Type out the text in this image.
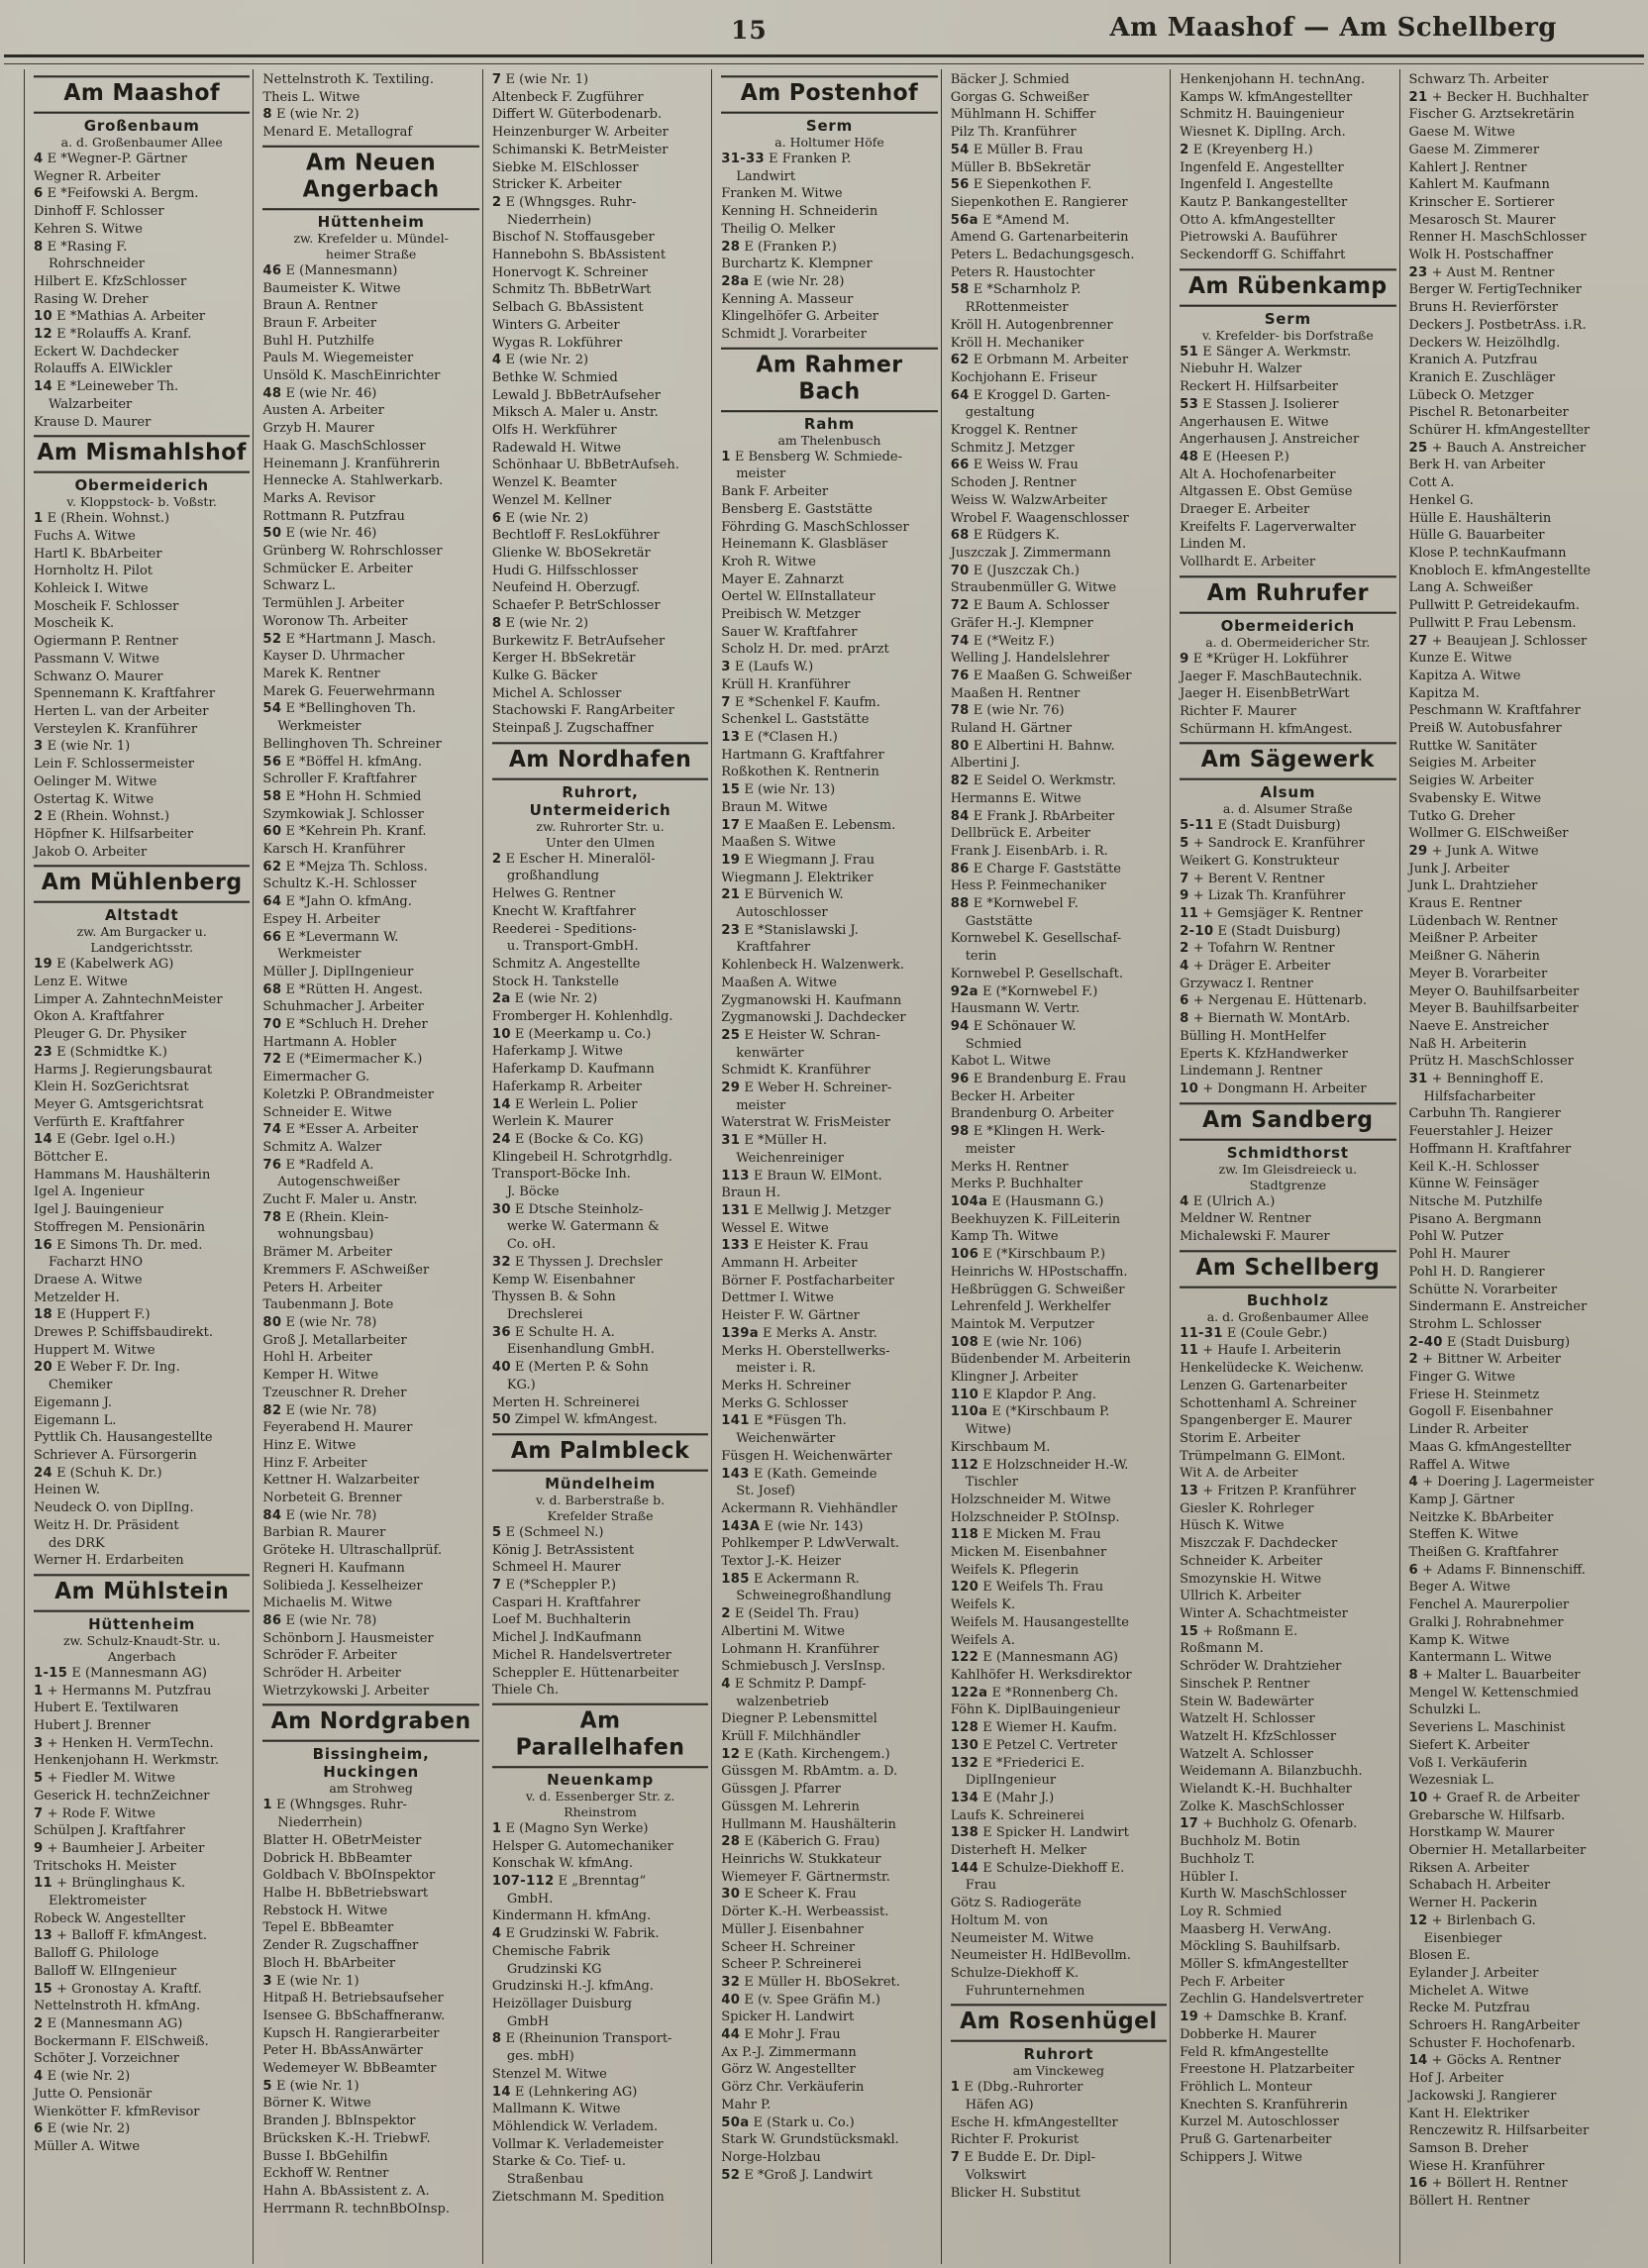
15	Am Maashof — Am Schellberg
Am Maashof
Großenbaum
a. d. Großenbaumer Allee
4 E *Wegner-P. Gärtner
Wegner R. Arbeiter
6 E *Feifowski A. Bergm.
Dinhoff F. Schlosser
Kehren S. Witwe
8 E *Rasing F.
Rohrschneider
Hilbert E. KfzSchlosser
Rasing W. Dreher
10 E *Mathias A. Arbeiter
12 E *Rolauffs A. Kranf.
Eckert W. Dachdecker
Rolauffs A. ElWickler
14 E *Leineweber Th.
Walzarbeiter
Krause D. Maurer
Am Mismahlshof
Obermeiderich
v. Kloppstock- b. Voßstr.
1 E (Rhein. Wohnst.)
Fuchs A. Witwe
Hartl K. BbArbeiter
Hornholtz H. Pilot
Kohleick I. Witwe
Moscheik F. Schlosser
Moscheik K.
Ogiermann P. Rentner
Passmann V. Witwe
Schwanz O. Maurer
Spennemann K. Kraftfahrer
Herten L. van der Arbeiter
Versteylen K. Kranführer
3 E (wie Nr. 1)
Lein F. Schlossermeister
Oelinger M. Witwe
Ostertag K. Witwe
2 E (Rhein. Wohnst.)
Höpfner K. Hilfsarbeiter
Jakob O. Arbeiter
Am Mühlenberg
Altstadt
zw. Am Burgacker u.
Landgerichtsstr.
19 E (Kabelwerk AG)
Lenz E. Witwe
Limper A. ZahntechnMeister
Okon A. Kraftfahrer
Pleuger G. Dr. Physiker
23 E (Schmidtke K.)
Harms J. Regierungsbaurat
Klein H. SozGerichtsrat
Meyer G. Amtsgerichtsrat
Verfürth E. Kraftfahrer
14 E (Gebr. Igel o.H.)
Böttcher E.
Hammans M. Haushälterin
Igel A. Ingenieur
Igel J. Bauingenieur
Stoffregen M. Pensionärin
16 E Simons Th. Dr. med.
Facharzt HNO
Draese A. Witwe
Metzelder H.
18 E (Huppert F.)
Drewes P. Schiffsbaudirekt.
Huppert M. Witwe
20 E Weber F. Dr. Ing.
Chemiker
Eigemann J.
Eigemann L.
Pyttlik Ch. Hausangestellte
Schriever A. Fürsorgerin
24 E (Schuh K. Dr.)
Heinen W.
Neudeck O. von DiplIng.
Weitz H. Dr. Präsident
des DRK
Werner H. Erdarbeiten
Am Mühlstein
Hüttenheim
zw. Schulz-Knaudt-Str. u.
Angerbach
1-15 E (Mannesmann AG)
1 + Hermanns M. Putzfrau
Hubert E. Textilwaren
Hubert J. Brenner
3 + Henken H. VermTechn.
Henkenjohann H. Werkmstr.
5 + Fiedler M. Witwe
Geserick H. technZeichner
7 + Rode F. Witwe
Schülpen J. Kraftfahrer
9 + Baumheier J. Arbeiter
Tritschoks H. Meister
11 + Brünglinghaus K.
Elektromeister
Robeck W. Angestellter
13 + Balloff F. kfmAngest.
Balloff G. Philologe
Balloff W. ElIngenieur
15 + Gronostay A. Kraftf.
Nettelnstroth H. kfmAng.
2 E (Mannesmann AG)
Bockermann F. ElSchweiß.
Schöter J. Vorzeichner
4 E (wie Nr. 2)
Jutte O. Pensionär
Wienkötter F. kfmRevisor
6 E (wie Nr. 2)
Müller A. Witwe
Nettelnstroth K. Textiling.
Theis L. Witwe
8 E (wie Nr. 2)
Menard E. Metallograf
Am Neuen Angerbach
Hüttenheim
zw. Krefelder u. Mündel-
heimer Straße
46 E (Mannesmann)
Baumeister K. Witwe
Braun A. Rentner
Braun F. Arbeiter
Buhl H. Putzhilfe
Pauls M. Wiegemeister
Unsöld K. MaschEinrichter
48 E (wie Nr. 46)
Austen A. Arbeiter
Grzyb H. Maurer
Haak G. MaschSchlosser
Heinemann J. Kranführerin
Hennecke A. Stahlwerkarb.
Marks A. Revisor
Rottmann R. Putzfrau
50 E (wie Nr. 46)
Grünberg W. Rohrschlosser
Schmücker E. Arbeiter
Schwarz L.
Termühlen J. Arbeiter
Woronow Th. Arbeiter
52 E *Hartmann J. Masch.
Kayser D. Uhrmacher
Marek K. Rentner
Marek G. Feuerwehrmann
54 E *Bellinghoven Th.
Werkmeister
Bellinghoven Th. Schreiner
56 E *Böffel H. kfmAng.
Schroller F. Kraftfahrer
58 E *Hohn H. Schmied
Szymkowiak J. Schlosser
60 E *Kehrein Ph. Kranf.
Karsch H. Kranführer
62 E *Mejza Th. Schloss.
Schultz K.-H. Schlosser
64 E *Jahn O. kfmAng.
Espey H. Arbeiter
66 E *Levermann W.
Werkmeister
Müller J. DiplIngenieur
68 E *Rütten H. Angest.
Schuhmacher J. Arbeiter
70 E *Schluch H. Dreher
Hartmann A. Hobler
72 E (*Eimermacher K.)
Eimermacher G.
Koletzki P. OBrandmeister
Schneider E. Witwe
74 E *Esser A. Arbeiter
Schmitz A. Walzer
76 E *Radfeld A.
Autogenschweißer
Zucht F. Maler u. Anstr.
78 E (Rhein. Klein-
wohnungsbau)
Brämer M. Arbeiter
Kremmers F. ASchweißer
Peters H. Arbeiter
Taubenmann J. Bote
80 E (wie Nr. 78)
Groß J. Metallarbeiter
Hohl H. Arbeiter
Kemper H. Witwe
Tzeuschner R. Dreher
82 E (wie Nr. 78)
Feyerabend H. Maurer
Hinz E. Witwe
Hinz F. Arbeiter
Kettner H. Walzarbeiter
Norbeteit G. Brenner
84 E (wie Nr. 78)
Barbian R. Maurer
Gröteke H. Ultraschallprüf.
Regneri H. Kaufmann
Solibieda J. Kesselheizer
Michaelis M. Witwe
86 E (wie Nr. 78)
Schönborn J. Hausmeister
Schröder F. Arbeiter
Schröder H. Arbeiter
Wietrzykowski J. Arbeiter
Am Nordgraben
Bissingheim, Huckingen
am Strohweg
1 E (Whngsges. Ruhr-
Niederrhein)
Blatter H. OBetrMeister
Dobrick H. BbBeamter
Goldbach V. BbOInspektor
Halbe H. BbBetriebswart
Rebstock H. Witwe
Tepel E. BbBeamter
Zender R. Zugschaffner
Bloch H. BbArbeiter
3 E (wie Nr. 1)
Hitpaß H. Betriebsaufseher
Isensee G. BbSchaffneranw.
Kupsch H. Rangierarbeiter
Peter H. BbAssAnwärter
Wedemeyer W. BbBeamter
5 E (wie Nr. 1)
Börner K. Witwe
Branden J. BbInspektor
Brücksken K.-H. TriebwF.
Busse I. BbGehilfin
Eckhoff W. Rentner
Hahn A. BbAssistent z. A.
Herrmann R. technBbOInsp.
7 E (wie Nr. 1)
Altenbeck F. Zugführer
Differt W. Güterbodenarb.
Heinzenburger W. Arbeiter
Schimanski K. BetrMeister
Siebke M. ElSchlosser
Stricker K. Arbeiter
2 E (Whngsges. Ruhr-
Niederrhein)
Bischof N. Stoffausgeber
Hannebohn S. BbAssistent
Honervogt K. Schreiner
Schmitz Th. BbBetrWart
Selbach G. BbAssistent
Winters G. Arbeiter
Wygas R. Lokführer
4 E (wie Nr. 2)
Bethke W. Schmied
Lewald J. BbBetrAufseher
Miksch A. Maler u. Anstr.
Olfs H. Werkführer
Radewald H. Witwe
Schönhaar U. BbBetrAufseh.
Wenzel K. Beamter
Wenzel M. Kellner
6 E (wie Nr. 2)
Bechtloff F. ResLokführer
Glienke W. BbOSekretär
Hudi G. Hilfsschlosser
Neufeind H. Oberzugf.
Schaefer P. BetrSchlosser
8 E (wie Nr. 2)
Burkewitz F. BetrAufseher
Kerger H. BbSekretär
Kulke G. Bäcker
Michel A. Schlosser
Stachowski F. RangArbeiter
Steinpaß J. Zugschaffner
Am Nordhafen
Ruhrort, Untermeiderich
zw. Ruhrorter Str. u.
Unter den Ulmen
2 E Escher H. Mineralöl-
großhandlung
Helwes G. Rentner
Knecht W. Kraftfahrer
Reederei - Speditions-
u. Transport-GmbH.
Schmitz A. Angestellte
Stock H. Tankstelle
2a E (wie Nr. 2)
Fromberger H. Kohlenhdlg.
10 E (Meerkamp u. Co.)
Haferkamp J. Witwe
Haferkamp D. Kaufmann
Haferkamp R. Arbeiter
14 E Werlein L. Polier
Werlein K. Maurer
24 E (Bocke & Co. KG)
Klingebeil H. Schrotgrhdlg.
Transport-Böcke Inh.
J. Böcke
30 E Dtsche Steinholz-
werke W. Gatermann &
Co. oH.
32 E Thyssen J. Drechsler
Kemp W. Eisenbahner
Thyssen B. & Sohn
Drechslerei
36 E Schulte H. A.
Eisenhandlung GmbH.
40 E (Merten P. & Sohn
KG.)
Merten H. Schreinerei
50 Zimpel W. kfmAngest.
Am Palmbleck
Mündelheim
v. d. Barberstraße b.
Krefelder Straße
5 E (Schmeel N.)
König J. BetrAssistent
Schmeel H. Maurer
7 E (*Scheppler P.)
Caspari H. Kraftfahrer
Loef M. Buchhalterin
Michel J. IndKaufmann
Michel R. Handelsvertreter
Scheppler E. Hüttenarbeiter
Thiele Ch.
Am Parallelhafen
Neuenkamp
v. d. Essenberger Str. z.
Rheinstrom
1 E (Magno Syn Werke)
Helsper G. Automechaniker
Konschak W. kfmAng.
107-112 E „Brenntag“
GmbH.
Kindermann H. kfmAng.
4 E Grudzinski W. Fabrik.
Chemische Fabrik
Grudzinski KG
Grudzinski H.-J. kfmAng.
Heizöllager Duisburg
GmbH
8 E (Rheinunion Transport-
ges. mbH)
Stenzel M. Witwe
14 E (Lehnkering AG)
Mallmann K. Witwe
Möhlendick W. Verladem.
Vollmar K. Verlademeister
Starke & Co. Tief- u.
Straßenbau
Zietschmann M. Spedition
Am Postenhof
Serm
a. Holtumer Höfe
31-33 E Franken P.
Landwirt
Franken M. Witwe
Kenning H. Schneiderin
Theilig O. Melker
28 E (Franken P.)
Burchartz K. Klempner
28a E (wie Nr. 28)
Kenning A. Masseur
Klingelhöfer G. Arbeiter
Schmidt J. Vorarbeiter
Am Rahmer Bach
Rahm
am Thelenbusch
1 E Bensberg W. Schmiede-
meister
Bank F. Arbeiter
Bensberg E. Gaststätte
Föhrding G. MaschSchlosser
Heinemann K. Glasbläser
Kroh R. Witwe
Mayer E. Zahnarzt
Oertel W. ElInstallateur
Preibisch W. Metzger
Sauer W. Kraftfahrer
Scholz H. Dr. med. prArzt
3 E (Laufs W.)
Krüll H. Kranführer
7 E *Schenkel F. Kaufm.
Schenkel L. Gaststätte
13 E (*Clasen H.)
Hartmann G. Kraftfahrer
Roßkothen K. Rentnerin
15 E (wie Nr. 13)
Braun M. Witwe
17 E Maaßen E. Lebensm.
Maaßen S. Witwe
19 E Wiegmann J. Frau
Wiegmann J. Elektriker
21 E Bürvenich W.
Autoschlosser
23 E *Stanislawski J.
Kraftfahrer
Kohlenbeck H. Walzenwerk.
Maaßen A. Witwe
Zygmanowski H. Kaufmann
Zygmanowski J. Dachdecker
25 E Heister W. Schran-
kenwärter
Schmidt K. Kranführer
29 E Weber H. Schreiner-
meister
Waterstrat W. FrisMeister
31 E *Müller H.
Weichenreiniger
113 E Braun W. ElMont.
Braun H.
131 E Mellwig J. Metzger
Wessel E. Witwe
133 E Heister K. Frau
Ammann H. Arbeiter
Börner F. Postfacharbeiter
Dettmer I. Witwe
Heister F. W. Gärtner
139a E Merks A. Anstr.
Merks H. Oberstellwerks-
meister i. R.
Merks H. Schreiner
Merks G. Schlosser
141 E *Füsgen Th.
Weichenwärter
Füsgen H. Weichenwärter
143 E (Kath. Gemeinde
St. Josef)
Ackermann R. Viehhändler
143A E (wie Nr. 143)
Pohlkemper P. LdwVerwalt.
Textor J.-K. Heizer
185 E Ackermann R.
Schweinegroßhandlung
2 E (Seidel Th. Frau)
Albertini M. Witwe
Lohmann H. Kranführer
Schmiebusch J. VersInsp.
4 E Schmitz P. Dampf-
walzenbetrieb
Diegner P. Lebensmittel
Krüll F. Milchhändler
12 E (Kath. Kirchengem.)
Güssgen M. RbAmtm. a. D.
Güssgen J. Pfarrer
Güssgen M. Lehrerin
Hullmann M. Haushälterin
28 E (Käberich G. Frau)
Heinrichs W. Stukkateur
Wiemeyer F. Gärtnermstr.
30 E Scheer K. Frau
Dörter K.-H. Werbeassist.
Müller J. Eisenbahner
Scheer H. Schreiner
Scheer P. Schreinerei
32 E Müller H. BbOSekret.
40 E (v. Spee Gräfin M.)
Spicker H. Landwirt
44 E Mohr J. Frau
Ax P.-J. Zimmermann
Görz W. Angestellter
Görz Chr. Verkäuferin
Mahr P.
50a E (Stark u. Co.)
Stark W. Grundstücksmakl.
Norge-Holzbau
52 E *Groß J. Landwirt
Bäcker J. Schmied
Gorgas G. Schweißer
Mühlmann H. Schiffer
Pilz Th. Kranführer
54 E Müller B. Frau
Müller B. BbSekretär
56 E Siepenkothen F.
Siepenkothen E. Rangierer
56a E *Amend M.
Amend G. Gartenarbeiterin
Peters L. Bedachungsgesch.
Peters R. Haustochter
58 E *Scharnholz P.
RRottenmeister
Kröll H. Autogenbrenner
Kröll H. Mechaniker
62 E Orbmann M. Arbeiter
Kochjohann E. Friseur
64 E Kroggel D. Garten-
gestaltung
Kroggel K. Rentner
Schmitz J. Metzger
66 E Weiss W. Frau
Schoden J. Rentner
Weiss W. WalzwArbeiter
Wrobel F. Waagenschlosser
68 E Rüdgers K.
Juszczak J. Zimmermann
70 E (Juszczak Ch.)
Straubenmüller G. Witwe
72 E Baum A. Schlosser
Gräfer H.-J. Klempner
74 E (*Weitz F.)
Welling J. Handelslehrer
76 E Maaßen G. Schweißer
Maaßen H. Rentner
78 E (wie Nr. 76)
Ruland H. Gärtner
80 E Albertini H. Bahnw.
Albertini J.
82 E Seidel O. Werkmstr.
Hermanns E. Witwe
84 E Frank J. RbArbeiter
Dellbrück E. Arbeiter
Frank J. EisenbArb. i. R.
86 E Charge F. Gaststätte
Hess P. Feinmechaniker
88 E *Kornwebel F.
Gaststätte
Kornwebel K. Gesellschaf-
terin
Kornwebel P. Gesellschaft.
92a E (*Kornwebel F.)
Hausmann W. Vertr.
94 E Schönauer W.
Schmied
Kabot L. Witwe
96 E Brandenburg E. Frau
Becker H. Arbeiter
Brandenburg O. Arbeiter
98 E *Klingen H. Werk-
meister
Merks H. Rentner
Merks P. Buchhalter
104a E (Hausmann G.)
Beekhuyzen K. FilLeiterin
Kamp Th. Witwe
106 E (*Kirschbaum P.)
Heinrichs W. HPostschaffn.
Heßbrüggen G. Schweißer
Lehrenfeld J. Werkhelfer
Maintok M. Verputzer
108 E (wie Nr. 106)
Büdenbender M. Arbeiterin
Klingner J. Arbeiter
110 E Klapdor P. Ang.
110a E (*Kirschbaum P.
Witwe)
Kirschbaum M.
112 E Holzschneider H.-W.
Tischler
Holzschneider M. Witwe
Holzschneider P. StOInsp.
118 E Micken M. Frau
Micken M. Eisenbahner
Weifels K. Pflegerin
120 E Weifels Th. Frau
Weifels K.
Weifels M. Hausangestellte
Weifels A.
122 E (Mannesmann AG)
Kahlhöfer H. Werksdirektor
122a E *Ronnenberg Ch.
Föhn K. DiplBauingenieur
128 E Wiemer H. Kaufm.
130 E Petzel C. Vertreter
132 E *Friederici E.
DiplIngenieur
134 E (Mahr J.)
Laufs K. Schreinerei
138 E Spicker H. Landwirt
Disterheft H. Melker
144 E Schulze-Diekhoff E.
Frau
Götz S. Radiogeräte
Holtum M. von
Neumeister M. Witwe
Neumeister H. HdlBevollm.
Schulze-Diekhoff K.
Fuhrunternehmen
Am Rosenhügel
Ruhrort
am Vinckeweg
1 E (Dbg.-Ruhrorter
Häfen AG)
Esche H. kfmAngestellter
Richter F. Prokurist
7 E Budde E. Dr. Dipl-
Volkswirt
Blicker H. Substitut
Henkenjohann H. technAng.
Kamps W. kfmAngestellter
Schmitz H. Bauingenieur
Wiesnet K. DiplIng. Arch.
2 E (Kreyenberg H.)
Ingenfeld E. Angestellter
Ingenfeld I. Angestellte
Kautz P. Bankangestellter
Otto A. kfmAngestellter
Pietrowski A. Bauführer
Seckendorff G. Schiffahrt
Am Rübenkamp
Serm
v. Krefelder- bis Dorfstraße
51 E Sänger A. Werkmstr.
Niebuhr H. Walzer
Reckert H. Hilfsarbeiter
53 E Stassen J. Isolierer
Angerhausen E. Witwe
Angerhausen J. Anstreicher
48 E (Heesen P.)
Alt A. Hochofenarbeiter
Altgassen E. Obst Gemüse
Draeger E. Arbeiter
Kreifelts F. Lagerverwalter
Linden M.
Vollhardt E. Arbeiter
Am Ruhrufer
Obermeiderich
a. d. Obermeidericher Str.
9 E *Krüger H. Lokführer
Jaeger F. MaschBautechnik.
Jaeger H. EisenbBetrWart
Richter F. Maurer
Schürmann H. kfmAngest.
Am Sägewerk
Alsum
a. d. Alsumer Straße
5-11 E (Stadt Duisburg)
5 + Sandrock E. Kranführer
Weikert G. Konstrukteur
7 + Berent V. Rentner
9 + Lizak Th. Kranführer
11 + Gemsjäger K. Rentner
2-10 E (Stadt Duisburg)
2 + Tofahrn W. Rentner
4 + Dräger E. Arbeiter
Grzywacz I. Rentner
6 + Nergenau E. Hüttenarb.
8 + Biernath W. MontArb.
Bülling H. MontHelfer
Eperts K. KfzHandwerker
Lindemann J. Rentner
10 + Dongmann H. Arbeiter
Am Sandberg
Schmidthorst
zw. Im Gleisdreieck u.
Stadtgrenze
4 E (Ulrich A.)
Meldner W. Rentner
Michalewski F. Maurer
Am Schellberg
Buchholz
a. d. Großenbaumer Allee
11-31 E (Coule Gebr.)
11 + Haufe I. Arbeiterin
Henkelüdecke K. Weichenw.
Lenzen G. Gartenarbeiter
Schottenhaml A. Schreiner
Spangenberger E. Maurer
Storim E. Arbeiter
Trümpelmann G. ElMont.
Wit A. de Arbeiter
13 + Fritzen P. Kranführer
Giesler K. Rohrleger
Hüsch K. Witwe
Miszczak F. Dachdecker
Schneider K. Arbeiter
Smozynskie H. Witwe
Ullrich K. Arbeiter
Winter A. Schachtmeister
15 + Roßmann E.
Roßmann M.
Schröder W. Drahtzieher
Sinschek P. Rentner
Stein W. Badewärter
Watzelt H. Schlosser
Watzelt H. KfzSchlosser
Watzelt A. Schlosser
Weidemann A. Bilanzbuchh.
Wielandt K.-H. Buchhalter
Zolke K. MaschSchlosser
17 + Buchholz G. Ofenarb.
Buchholz M. Botin
Buchholz T.
Hübler I.
Kurth W. MaschSchlosser
Loy R. Schmied
Maasberg H. VerwAng.
Möckling S. Bauhilfsarb.
Möller S. kfmAngestellter
Pech F. Arbeiter
Zechlin G. Handelsvertreter
19 + Damschke B. Kranf.
Dobberke H. Maurer
Feld R. kfmAngestellte
Freestone H. Platzarbeiter
Fröhlich L. Monteur
Knechten S. Kranführerin
Kurzel M. Autoschlosser
Pruß G. Gartenarbeiter
Schippers J. Witwe
Schwarz Th. Arbeiter
21 + Becker H. Buchhalter
Fischer G. Arztsekretärin
Gaese M. Witwe
Gaese M. Zimmerer
Kahlert J. Rentner
Kahlert M. Kaufmann
Krinscher E. Sortierer
Mesarosch St. Maurer
Renner H. MaschSchlosser
Wolk H. Postschaffner
23 + Aust M. Rentner
Berger W. FertigTechniker
Bruns H. Revierförster
Deckers J. PostbetrAss. i.R.
Deckers W. Heizölhdlg.
Kranich A. Putzfrau
Kranich E. Zuschläger
Lübeck O. Metzger
Pischel R. Betonarbeiter
Schürer H. kfmAngestellter
25 + Bauch A. Anstreicher
Berk H. van Arbeiter
Cott A.
Henkel G.
Hülle E. Haushälterin
Hülle G. Bauarbeiter
Klose P. technKaufmann
Knobloch E. kfmAngestellte
Lang A. Schweißer
Pullwitt P. Getreidekaufm.
Pullwitt P. Frau Lebensm.
27 + Beaujean J. Schlosser
Kunze E. Witwe
Kapitza A. Witwe
Kapitza M.
Peschmann W. Kraftfahrer
Preiß W. Autobusfahrer
Ruttke W. Sanitäter
Seigies M. Arbeiter
Seigies W. Arbeiter
Svabensky E. Witwe
Tutko G. Dreher
Wollmer G. ElSchweißer
29 + Junk A. Witwe
Junk J. Arbeiter
Junk L. Drahtzieher
Kraus E. Rentner
Lüdenbach W. Rentner
Meißner P. Arbeiter
Meißner G. Näherin
Meyer B. Vorarbeiter
Meyer O. Bauhilfsarbeiter
Meyer B. Bauhilfsarbeiter
Naeve E. Anstreicher
Naß H. Arbeiterin
Prütz H. MaschSchlosser
31 + Benninghoff E.
Hilfsfacharbeiter
Carbuhn Th. Rangierer
Feuerstahler J. Heizer
Hoffmann H. Kraftfahrer
Keil K.-H. Schlosser
Künne W. Feinsäger
Nitsche M. Putzhilfe
Pisano A. Bergmann
Pohl W. Putzer
Pohl H. Maurer
Pohl H. D. Rangierer
Schütte N. Vorarbeiter
Sindermann E. Anstreicher
Strohm L. Schlosser
2-40 E (Stadt Duisburg)
2 + Bittner W. Arbeiter
Finger G. Witwe
Friese H. Steinmetz
Gogoll F. Eisenbahner
Linder R. Arbeiter
Maas G. kfmAngestellter
Raffel A. Witwe
4 + Doering J. Lagermeister
Kamp J. Gärtner
Neitzke K. BbArbeiter
Steffen K. Witwe
Theißen G. Kraftfahrer
6 + Adams F. Binnenschiff.
Beger A. Witwe
Fenchel A. Maurerpolier
Gralki J. Rohrabnehmer
Kamp K. Witwe
Kantermann L. Witwe
8 + Malter L. Bauarbeiter
Mengel W. Kettenschmied
Schulzki L.
Severiens L. Maschinist
Siefert K. Arbeiter
Voß I. Verkäuferin
Wezesniak L.
10 + Graef R. de Arbeiter
Grebarsche W. Hilfsarb.
Horstkamp W. Maurer
Obernier H. Metallarbeiter
Riksen A. Arbeiter
Schabach H. Arbeiter
Werner H. Packerin
12 + Birlenbach G.
Eisenbieger
Blosen E.
Eylander J. Arbeiter
Michelet A. Witwe
Recke M. Putzfrau
Schroers H. RangArbeiter
Schuster F. Hochofenarb.
14 + Göcks A. Rentner
Hof J. Arbeiter
Jackowski J. Rangierer
Kant H. Elektriker
Renczewitz R. Hilfsarbeiter
Samson B. Dreher
Wiese H. Kranführer
16 + Böllert H. Rentner
Böllert H. Rentner
